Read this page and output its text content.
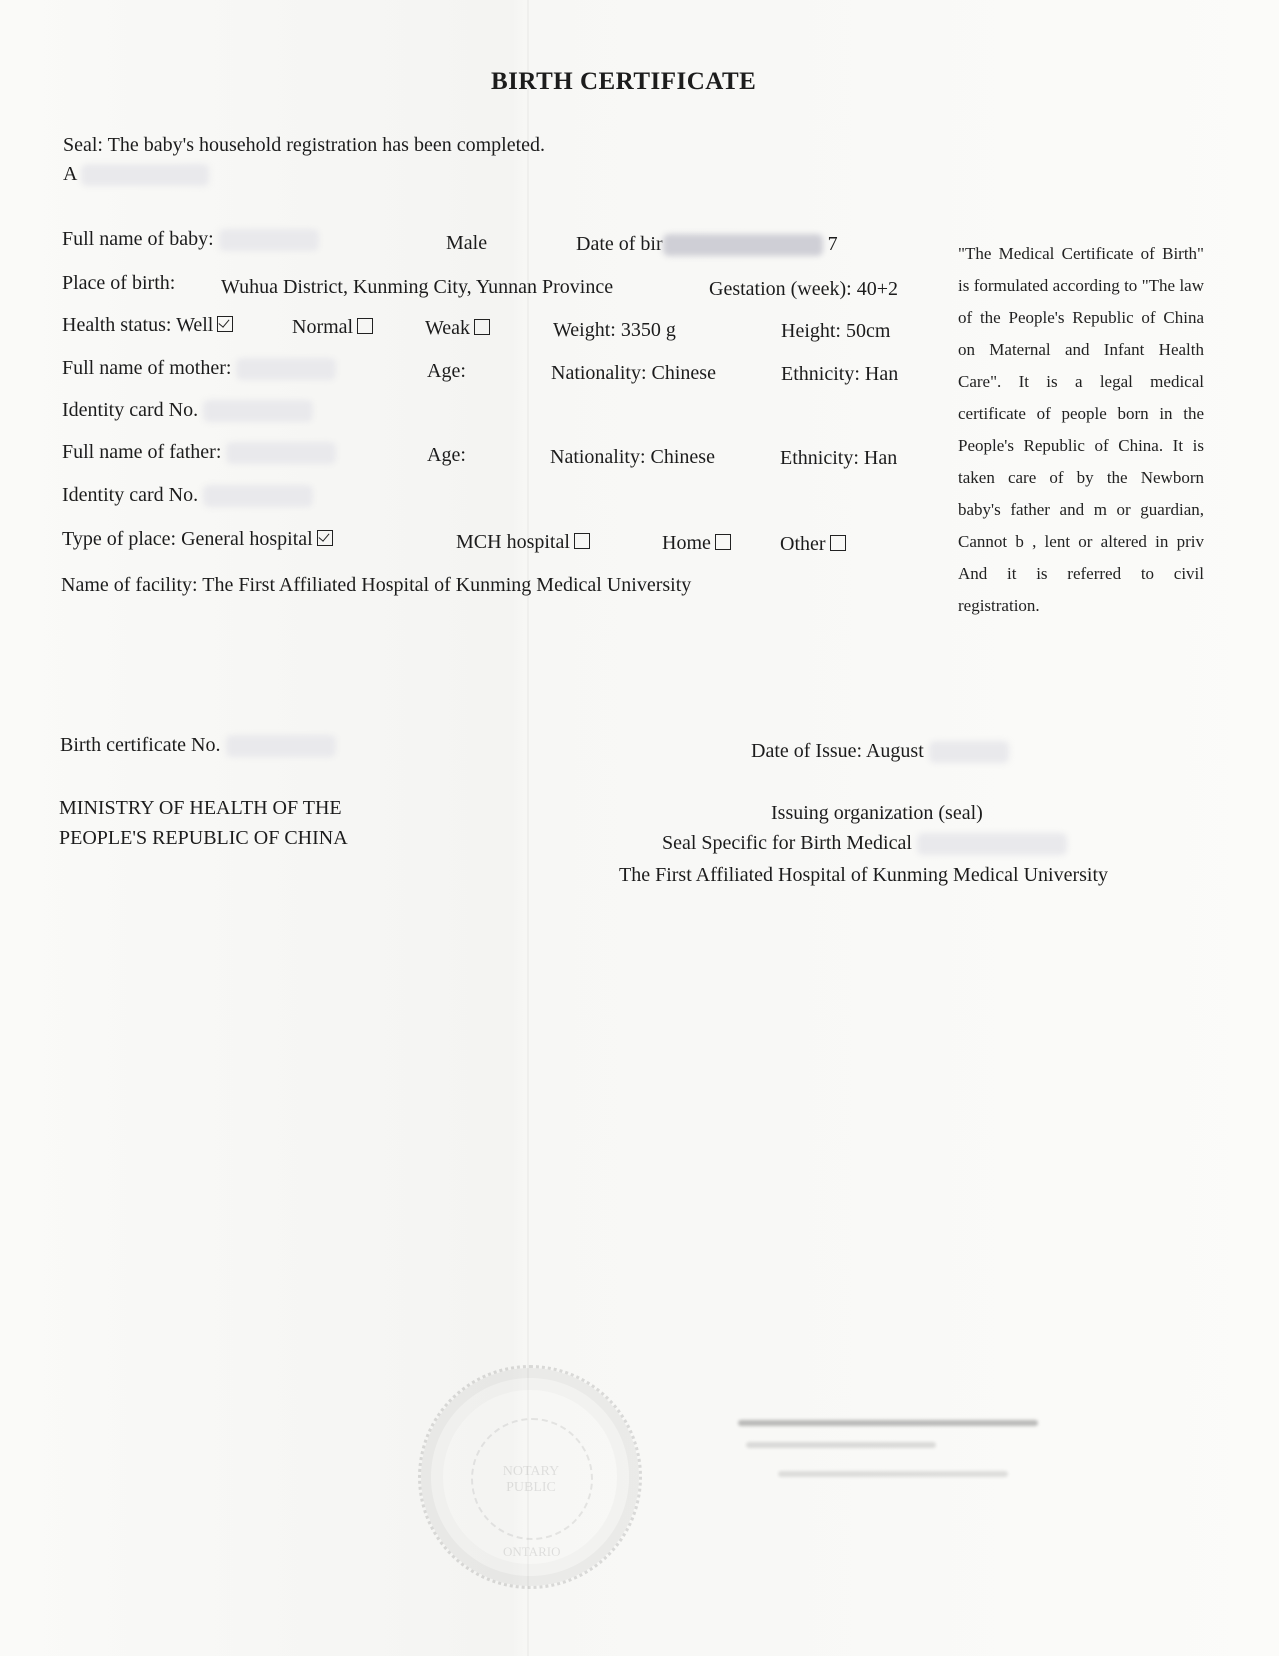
BIRTH CERTIFICATE
Seal: The baby's household registration has been completed.
A
Full name of baby:	Male	Date of bir	7
Place of birth: Wuhua District, Kunming City, Yunnan Province	Gestation (week): 40+2
Health status: Well	Normal	Weak	Weight: 3350 g	Height: 50cm
Full name of mother:	Age:	Nationality: Chinese	Ethnicity: Han
Identity card No.
Full name of father:	Age:	Nationality: Chinese	Ethnicity: Han
Identity card No.
Type of place: General hospital	MCH hospital	Home	Other
Name of facility: The First Affiliated Hospital of Kunming Medical University
"The Medical Certificate of Birth" is formulated according to "The law of the People's Republic of China on Maternal and Infant Health Care". It is a legal medical certificate of people born in the People's Republic of China. It is taken care of by the Newborn baby's father and m or guardian, Cannot b , lent or altered in priv And it is referred to civil registration.
Birth certificate No.	Date of Issue: August
MINISTRY OF HEALTH OF THE
PEOPLE'S REPUBLIC OF CHINA
Issuing organization (seal)
Seal Specific for Birth Medical
The First Affiliated Hospital of Kunming Medical University
NOTARY PUBLIC
ONTARIO
